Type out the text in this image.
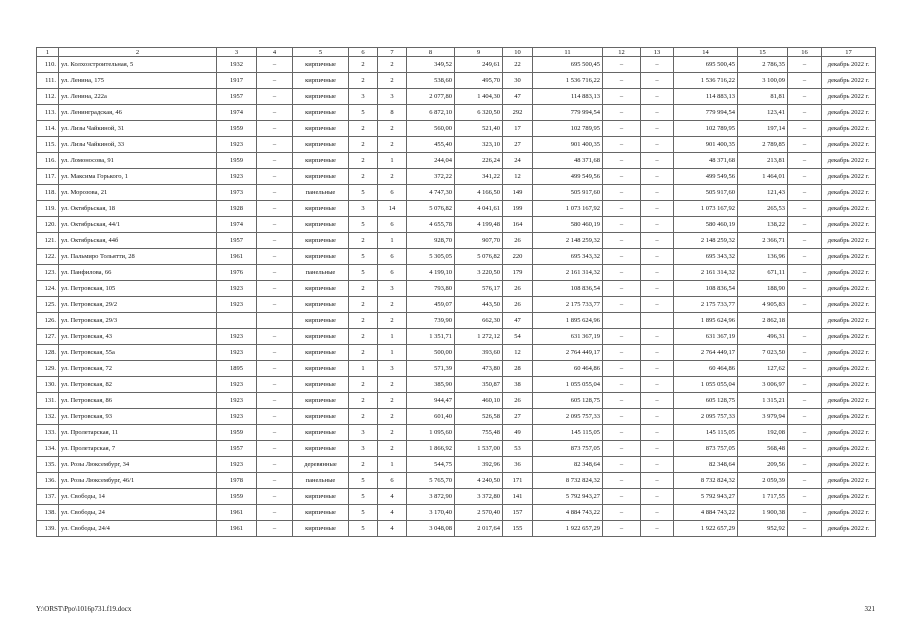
1	2	3	4	5	6	7	8	9	10	11	12	13	14	15	16	17
110.	ул. Колхозстроительная, 5	1932	–	кирпичные	2	2	349,52	249,61	22	695 500,45	–	–	695 500,45	2 786,35	–	декабрь 2022 г.
111.	ул. Ленина, 175	1917	–	кирпичные	2	2	538,60	495,70	30	1 536 716,22	–	–	1 536 716,22	3 100,09	–	декабрь 2022 г.
112.	ул. Ленина, 222а	1957	–	кирпичные	3	3	2 077,80	1 404,30	47	114 883,13	–	–	114 883,13	81,81	–	декабрь 2022 г.
113.	ул. Ленинградская, 46	1974	–	кирпичные	5	8	6 872,10	6 320,50	292	779 994,54	–	–	779 994,54	123,41	–	декабрь 2022 г.
114.	ул. Лизы Чайкиной, 31	1959	–	кирпичные	2	2	560,00	521,40	17	102 789,95	–	–	102 789,95	197,14	–	декабрь 2022 г.
115.	ул. Лизы Чайкиной, 33	1923	–	кирпичные	2	2	455,40	323,10	27	901 400,35	–	–	901 400,35	2 789,85	–	декабрь 2022 г.
116.	ул. Ломоносова, 91	1959	–	кирпичные	2	1	244,04	226,24	24	48 371,68	–	–	48 371,68	213,81	–	декабрь 2022 г.
117.	ул. Максима Горького, 1	1923	–	кирпичные	2	2	372,22	341,22	12	499 549,56	–	–	499 549,56	1 464,01	–	декабрь 2022 г.
118.	ул. Морозова, 21	1973	–	панельные	5	6	4 747,30	4 166,50	149	505 917,60	–	–	505 917,60	121,43	–	декабрь 2022 г.
119.	ул. Октябрьская, 18	1928	–	кирпичные	3	14	5 076,82	4 041,61	199	1 073 167,92	–	–	1 073 167,92	265,53	–	декабрь 2022 г.
120.	ул. Октябрьская, 44/1	1974	–	кирпичные	5	6	4 655,78	4 199,48	164	580 460,19	–	–	580 460,19	138,22	–	декабрь 2022 г.
121.	ул. Октябрьская, 44б	1957	–	кирпичные	2	1	928,70	907,70	26	2 148 259,32	–	–	2 148 259,32	2 366,71	–	декабрь 2022 г.
122.	ул. Пальмиро Тольятти, 28	1961	–	кирпичные	5	6	5 305,05	5 076,82	220	695 343,32	–	–	695 343,32	136,96	–	декабрь 2022 г.
123.	ул. Панфилова, 66	1976	–	панельные	5	6	4 199,10	3 220,50	179	2 161 314,32	–	–	2 161 314,32	671,11	–	декабрь 2022 г.
124.	ул. Петровская, 105	1923	–	кирпичные	2	3	793,80	576,17	26	108 836,54	–	–	108 836,54	188,90	–	декабрь 2022 г.
125.	ул. Петровская, 29/2	1923	–	кирпичные	2	2	459,07	443,50	26	2 175 733,77	–	–	2 175 733,77	4 905,83	–	декабрь 2022 г.
126.	ул. Петровская, 29/3			кирпичные	2	2	739,90	662,30	47	1 895 624,96			1 895 624,96	2 862,18		декабрь 2022 г.
127.	ул. Петровская, 43	1923	–	кирпичные	2	1	1 351,71	1 272,12	54	631 367,19	–	–	631 367,19	496,31	–	декабрь 2022 г.
128.	ул. Петровская, 55а	1923	–	кирпичные	2	1	500,00	393,60	12	2 764 449,17	–	–	2 764 449,17	7 023,50	–	декабрь 2022 г.
129.	ул. Петровская, 72	1895	–	кирпичные	1	3	571,39	473,80	28	60 464,86	–	–	60 464,86	127,62	–	декабрь 2022 г.
130.	ул. Петровская, 82	1923	–	кирпичные	2	2	385,90	350,87	38	1 055 055,04	–	–	1 055 055,04	3 006,97	–	декабрь 2022 г.
131.	ул. Петровская, 86	1923	–	кирпичные	2	2	944,47	460,10	26	605 128,75	–	–	605 128,75	1 315,21	–	декабрь 2022 г.
132.	ул. Петровская, 93	1923	–	кирпичные	2	2	601,40	526,58	27	2 095 757,33	–	–	2 095 757,33	3 979,94	–	декабрь 2022 г.
133.	ул. Пролетарская, 11	1959	–	кирпичные	3	2	1 095,60	755,48	49	145 115,05	–	–	145 115,05	192,08	–	декабрь 2022 г.
134.	ул. Пролетарская, 7	1957	–	кирпичные	3	2	1 866,92	1 537,00	53	873 757,05	–	–	873 757,05	568,48	–	декабрь 2022 г.
135.	ул. Розы Люксембург, 34	1923	–	деревянные	2	1	544,75	392,96	36	82 348,64	–	–	82 348,64	209,56	–	декабрь 2022 г.
136.	ул. Розы Люксембург, 46/1	1978	–	панельные	5	6	5 765,70	4 240,50	171	8 732 824,32	–	–	8 732 824,32	2 059,39	–	декабрь 2022 г.
137.	ул. Свободы, 14	1959	–	кирпичные	5	4	3 872,90	3 372,80	141	5 792 943,27	–	–	5 792 943,27	1 717,55	–	декабрь 2022 г.
138.	ул. Свободы, 24	1961	–	кирпичные	5	4	3 170,40	2 570,40	157	4 884 743,22	–	–	4 884 743,22	1 900,38	–	декабрь 2022 г.
139.	ул. Свободы, 24/4	1961	–	кирпичные	5	4	3 048,08	2 017,64	155	1 922 657,29	–	–	1 922 657,29	952,92	–	декабрь 2022 г.
Y:\ORST\Ppo\1016p731.f19.docx	321
